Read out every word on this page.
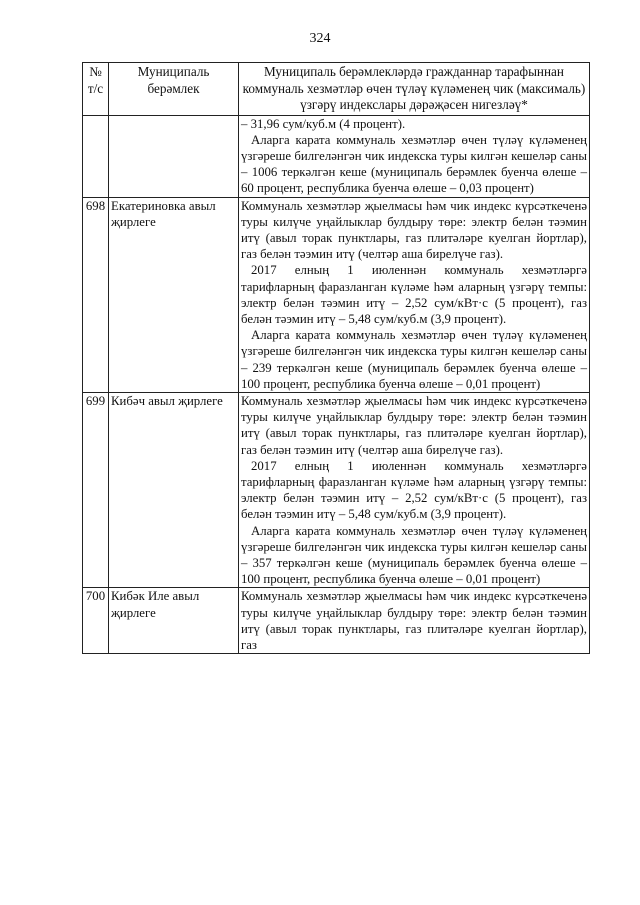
324
№ т/с	Муниципаль берәмлек	Муниципаль берәмлекләрдә гражданнар тарафыннан коммуналь хезмәтләр өчен түләү күләменең чик (максималь) үзгәрү индекслары дәрәҗәсен нигезләү*

		– 31,96 сум/куб.м (4 процент).
Аларга карата коммуналь хезмәтләр өчен түләү күләменең үзгәреше билгеләнгән чик индекска туры килгән кешеләр саны – 1006 теркәлгән кеше (муниципаль берәмлек буенча өлеше – 60 процент, республика буенча өлеше – 0,03 процент)

698	Екатериновка авыл җирлеге	Коммуналь хезмәтләр җыелмасы һәм чик индекс күрсәткеченә туры килүче уңайлыклар булдыру төре: электр белән тәэмин итү (авыл торак пунктлары, газ плитәләре куелган йортлар), газ белән тәэмин итү (челтәр аша бирелүче газ).
2017 елның 1 июленнән коммуналь хезмәтләргә тарифларның фаразланган күләме һәм аларның үзгәрү темпы: электр белән тәэмин итү – 2,52 сум/кВт·с (5 процент), газ белән тәэмин итү – 5,48 сум/куб.м (3,9 процент).
Аларга карата коммуналь хезмәтләр өчен түләү күләменең үзгәреше билгеләнгән чик индекска туры килгән кешеләр саны – 239 теркәлгән кеше (муниципаль берәмлек буенча өлеше – 100 процент, республика буенча өлеше – 0,01 процент)

699	Кибәч авыл җирлеге	Коммуналь хезмәтләр җыелмасы һәм чик индекс күрсәткеченә туры килүче уңайлыклар булдыру төре: электр белән тәэмин итү (авыл торак пунктлары, газ плитәләре куелган йортлар), газ белән тәэмин итү (челтәр аша бирелүче газ).
2017 елның 1 июленнән коммуналь хезмәтләргә тарифларның фаразланган күләме һәм аларның үзгәрү темпы: электр белән тәэмин итү – 2,52 сум/кВт·с (5 процент), газ белән тәэмин итү – 5,48 сум/куб.м (3,9 процент).
Аларга карата коммуналь хезмәтләр өчен түләү күләменең үзгәреше билгеләнгән чик индекска туры килгән кешеләр саны – 357 теркәлгән кеше (муниципаль берәмлек буенча өлеше – 100 процент, республика буенча өлеше – 0,01 процент)

700	Кибәк Иле авыл җирлеге	Коммуналь хезмәтләр җыелмасы һәм чик индекс күрсәткеченә туры килүче уңайлыклар булдыру төре: электр белән тәэмин итү (авыл торак пунктлары, газ плитәләре куелган йортлар), газ
